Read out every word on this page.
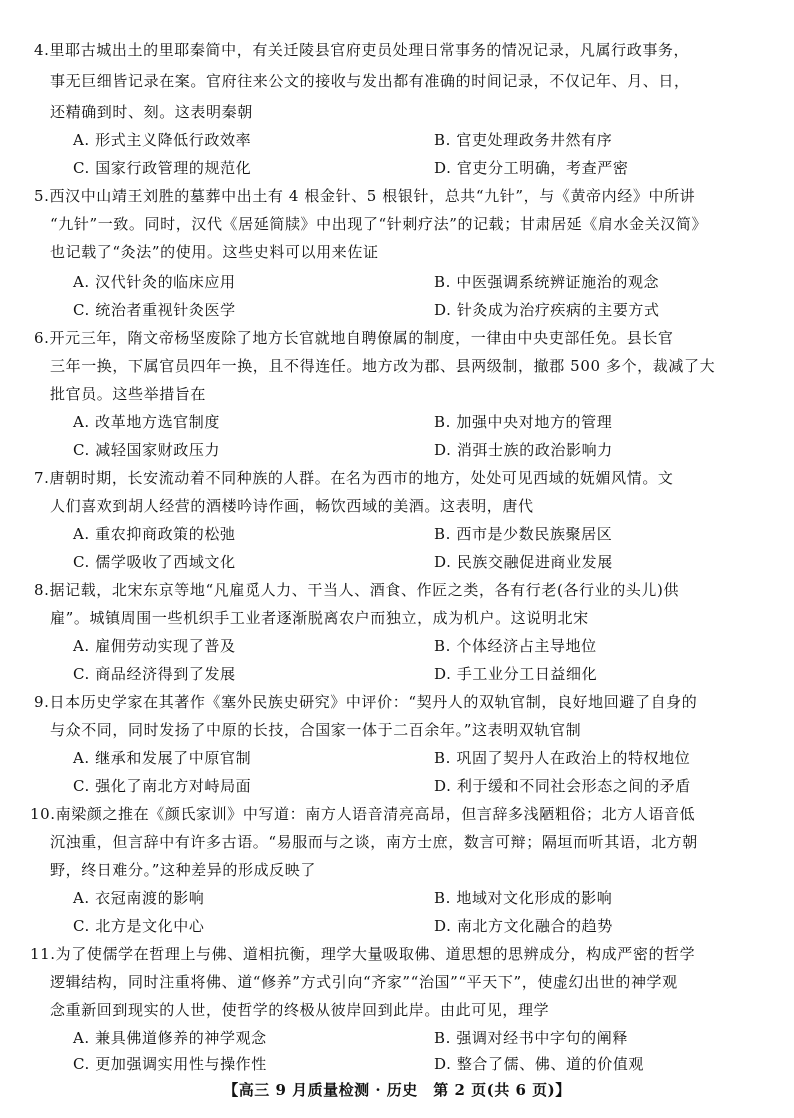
4.里耶古城出土的里耶秦简中，有关迁陵县官府吏员处理日常事务的情况记录，凡属行政事务，
事无巨细皆记录在案。官府往来公文的接收与发出都有准确的时间记录，不仅记年、月、日，
还精确到时、刻。这表明秦朝
A. 形式主义降低行政效率	B. 官吏处理政务井然有序
C. 国家行政管理的规范化	D. 官吏分工明确，考查严密
5.西汉中山靖王刘胜的墓葬中出土有 4 根金针、5 根银针，总共“九针”，与《黄帝内经》中所讲
“九针”一致。同时，汉代《居延简牍》中出现了“针刺疗法”的记载；甘肃居延《肩水金关汉简》
也记载了“灸法”的使用。这些史料可以用来佐证
A. 汉代针灸的临床应用	B. 中医强调系统辨证施治的观念
C. 统治者重视针灸医学	D. 针灸成为治疗疾病的主要方式
6.开元三年，隋文帝杨坚废除了地方长官就地自聘僚属的制度，一律由中央吏部任免。县长官
三年一换，下属官员四年一换，且不得连任。地方改为郡、县两级制，撤郡 500 多个，裁减了大
批官员。这些举措旨在
A. 改革地方选官制度	B. 加强中央对地方的管理
C. 减轻国家财政压力	D. 消弭士族的政治影响力
7.唐朝时期，长安流动着不同种族的人群。在名为西市的地方，处处可见西域的妩媚风情。文
人们喜欢到胡人经营的酒楼吟诗作画，畅饮西域的美酒。这表明，唐代
A. 重农抑商政策的松弛	B. 西市是少数民族聚居区
C. 儒学吸收了西域文化	D. 民族交融促进商业发展
8.据记载，北宋东京等地“凡雇觅人力、干当人、酒食、作匠之类，各有行老(各行业的头儿)供
雇”。城镇周围一些机织手工业者逐渐脱离农户而独立，成为机户。这说明北宋
A. 雇佣劳动实现了普及	B. 个体经济占主导地位
C. 商品经济得到了发展	D. 手工业分工日益细化
9.日本历史学家在其著作《塞外民族史研究》中评价：“契丹人的双轨官制，良好地回避了自身的
与众不同，同时发扬了中原的长技，合国家一体于二百余年。”这表明双轨官制
A. 继承和发展了中原官制	B. 巩固了契丹人在政治上的特权地位
C. 强化了南北方对峙局面	D. 利于缓和不同社会形态之间的矛盾
10.南梁颜之推在《颜氏家训》中写道：南方人语音清亮高昂，但言辞多浅陋粗俗；北方人语音低
沉浊重，但言辞中有许多古语。“易服而与之谈，南方士庶，数言可辩；隔垣而听其语，北方朝
野，终日难分。”这种差异的形成反映了
A. 衣冠南渡的影响	B. 地域对文化形成的影响
C. 北方是文化中心	D. 南北方文化融合的趋势
11.为了使儒学在哲理上与佛、道相抗衡，理学大量吸取佛、道思想的思辨成分，构成严密的哲学
逻辑结构，同时注重将佛、道“修养”方式引向“齐家”“治国”“平天下”，使虚幻出世的神学观
念重新回到现实的人世，使哲学的终极从彼岸回到此岸。由此可见，理学
A. 兼具佛道修养的神学观念	B. 强调对经书中字句的阐释
C. 更加强调实用性与操作性	D. 整合了儒、佛、道的价值观
【高三 9 月质量检测 · 历史　第 2 页(共 6 页)】
